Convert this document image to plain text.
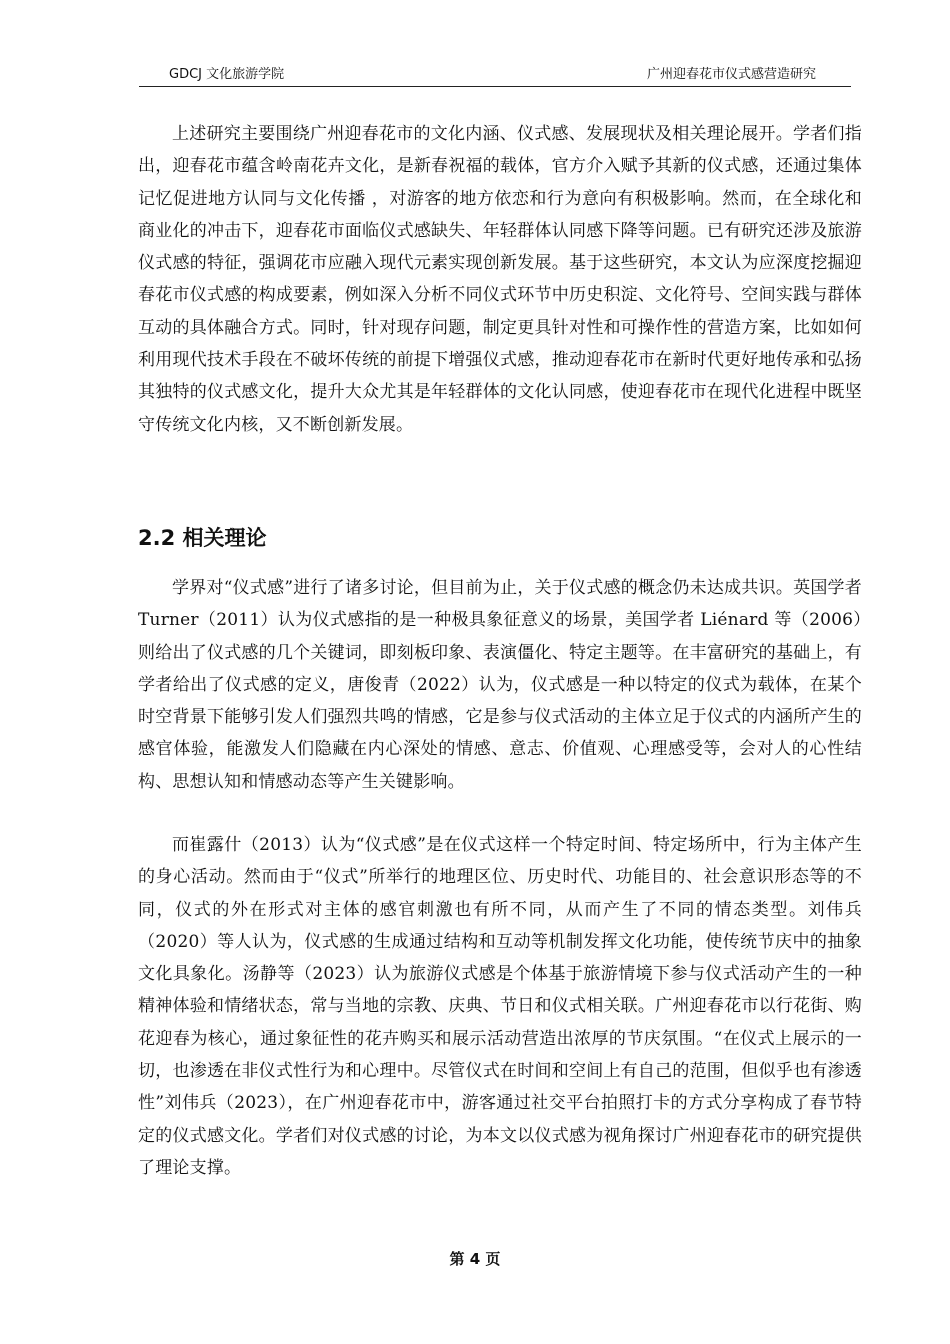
GDCJ 文化旅游学院	广州迎春花市仪式感营造研究

上述研究主要围绕广州迎春花市的文化内涵、仪式感、发展现状及相关理论展开。学者们指出，迎春花市蕴含岭南花卉文化，是新春祝福的载体，官方介入赋予其新的仪式感，还通过集体记忆促进地方认同与文化传播 ，对游客的地方依恋和行为意向有积极影响。然而，在全球化和商业化的冲击下，迎春花市面临仪式感缺失、年轻群体认同感下降等问题。已有研究还涉及旅游仪式感的特征，强调花市应融入现代元素实现创新发展。基于这些研究，本文认为应深度挖掘迎春花市仪式感的构成要素，例如深入分析不同仪式环节中历史积淀、文化符号、空间实践与群体互动的具体融合方式。同时，针对现存问题，制定更具针对性和可操作性的营造方案，比如如何利用现代技术手段在不破坏传统的前提下增强仪式感，推动迎春花市在新时代更好地传承和弘扬其独特的仪式感文化，提升大众尤其是年轻群体的文化认同感，使迎春花市在现代化进程中既坚守传统文化内核，又不断创新发展。

2.2 相关理论

学界对“仪式感”进行了诸多讨论，但目前为止，关于仪式感的概念仍未达成共识。英国学者 Turner（2011）认为仪式感指的是一种极具象征意义的场景，美国学者 Liénard 等（2006）则给出了仪式感的几个关键词，即刻板印象、表演僵化、特定主题等。在丰富研究的基础上，有学者给出了仪式感的定义，唐俊青（2022）认为，仪式感是一种以特定的仪式为载体，在某个时空背景下能够引发人们强烈共鸣的情感，它是参与仪式活动的主体立足于仪式的内涵所产生的感官体验，能激发人们隐藏在内心深处的情感、意志、价值观、心理感受等，会对人的心性结构、思想认知和情感动态等产生关键影响。

而崔露什（2013）认为“仪式感”是在仪式这样一个特定时间、特定场所中，行为主体产生的身心活动。然而由于“仪式”所举行的地理区位、历史时代、功能目的、社会意识形态等的不同，仪式的外在形式对主体的感官刺激也有所不同，从而产生了不同的情态类型。刘伟兵（2020）等人认为，仪式感的生成通过结构和互动等机制发挥文化功能，使传统节庆中的抽象文化具象化。汤静等（2023）认为旅游仪式感是个体基于旅游情境下参与仪式活动产生的一种精神体验和情绪状态，常与当地的宗教、庆典、节日和仪式相关联。广州迎春花市以行花街、购花迎春为核心，通过象征性的花卉购买和展示活动营造出浓厚的节庆氛围。“在仪式上展示的一切，也渗透在非仪式性行为和心理中。尽管仪式在时间和空间上有自己的范围，但似乎也有渗透性”刘伟兵（2023），在广州迎春花市中，游客通过社交平台拍照打卡的方式分享构成了春节特定的仪式感文化。学者们对仪式感的讨论，为本文以仪式感为视角探讨广州迎春花市的研究提供了理论支撑。

第 4 页
